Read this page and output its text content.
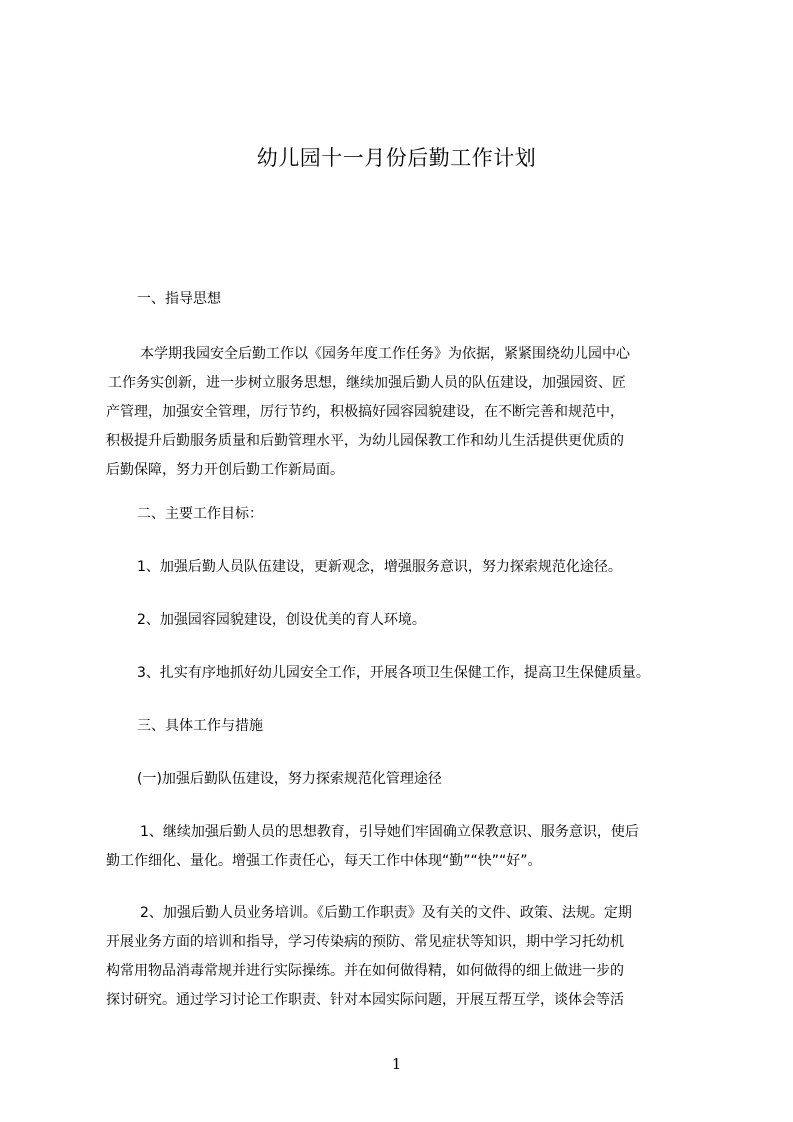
幼儿园十一月份后勤工作计划
一、指导思想
本学期我园安全后勤工作以《园务年度工作任务》为依据，紧紧围绕幼儿园中心
工作务实创新，进一步树立服务思想，继续加强后勤人员的队伍建设，加强园资、匠
产管理，加强安全管理，厉行节约，积极搞好园容园貌建设，在不断完善和规范中，
积极提升后勤服务质量和后勤管理水平，为幼儿园保教工作和幼儿生活提供更优质的
后勤保障，努力开创后勤工作新局面。
二、主要工作目标：
1、加强后勤人员队伍建设，更新观念，增强服务意识，努力探索规范化途径。
2、加强园容园貌建设，创设优美的育人环境。
3、扎实有序地抓好幼儿园安全工作，开展各项卫生保健工作，提高卫生保健质量。
三、具体工作与措施
(一)加强后勤队伍建设，努力探索规范化管理途径
1、继续加强后勤人员的思想教育，引导她们牢固确立保教意识、服务意识，使后
勤工作细化、量化。增强工作责任心，每天工作中体现“勤”“快”“好”。
2、加强后勤人员业务培训。《后勤工作职责》及有关的文件、政策、法规。定期
开展业务方面的培训和指导，学习传染病的预防、常见症状等知识，期中学习托幼机
构常用物品消毒常规并进行实际操练。并在如何做得精，如何做得的细上做进一步的
探讨研究。通过学习讨论工作职责、针对本园实际问题，开展互帮互学，谈体会等活
1
